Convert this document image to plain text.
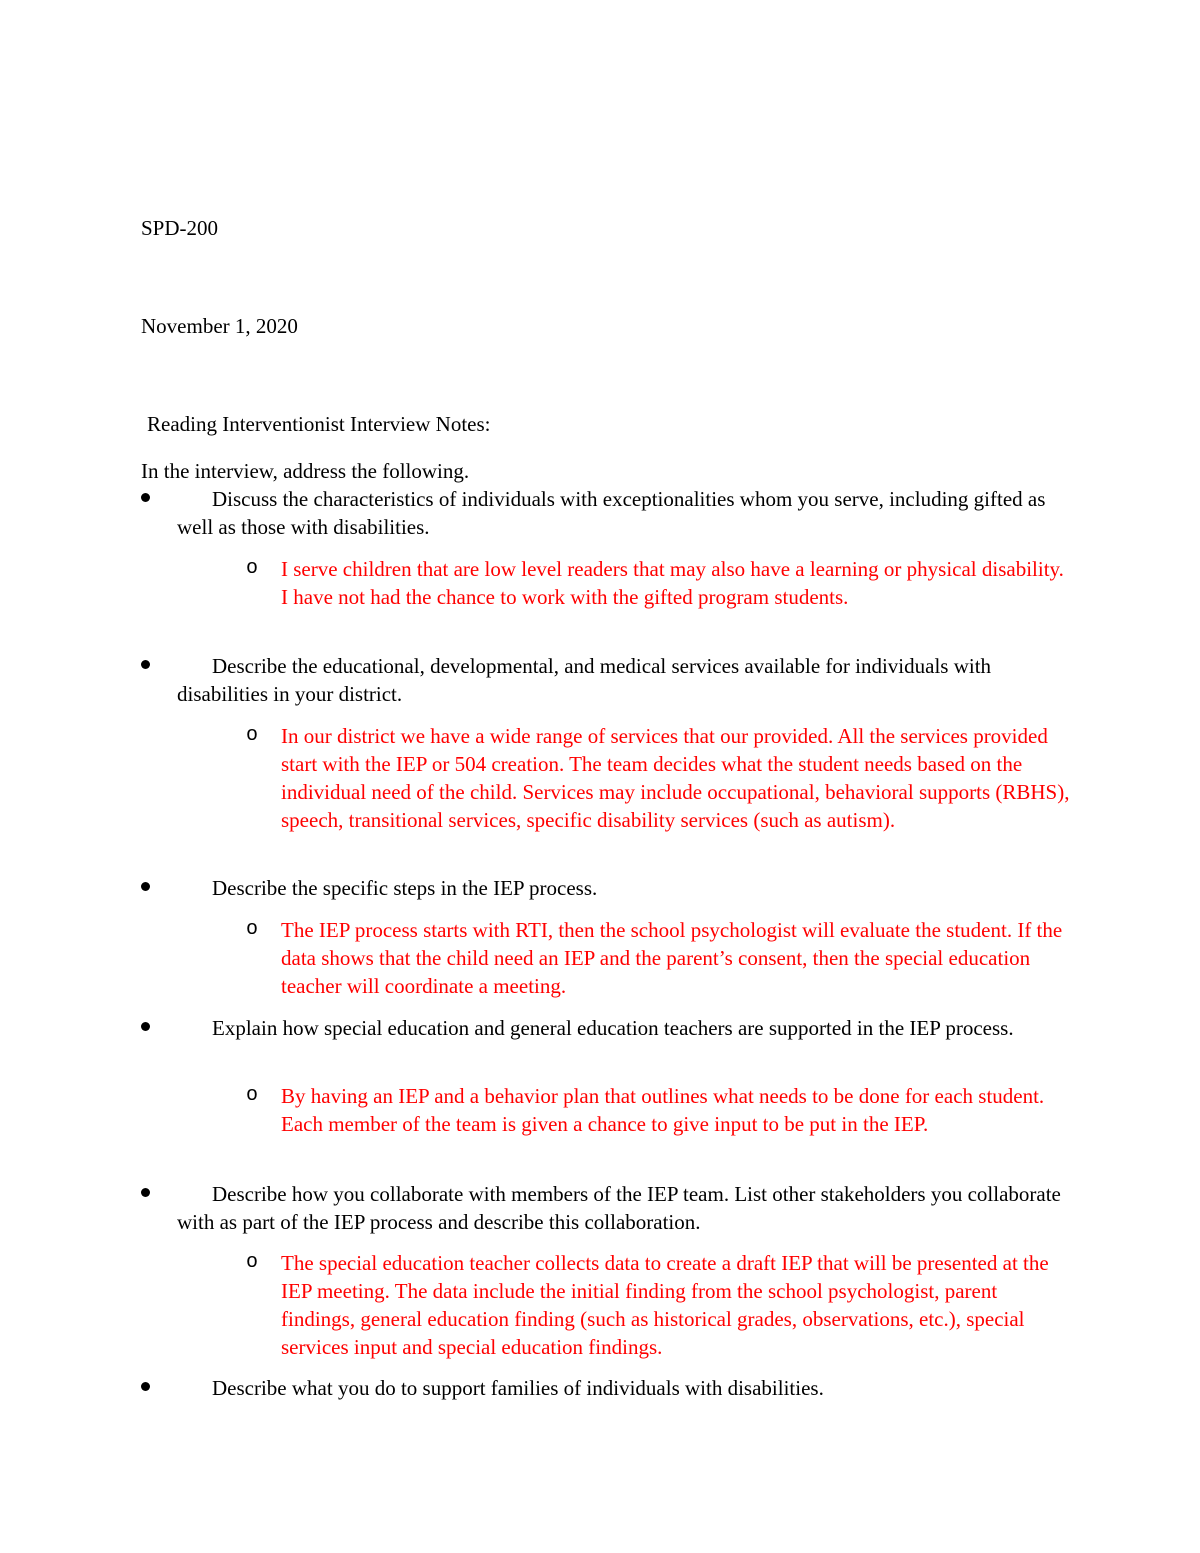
SPD-200
November 1, 2020
Reading Interventionist Interview Notes:
In the interview, address the following.
Discuss the characteristics of individuals with exceptionalities whom you serve, including gifted as well as those with disabilities.
o I serve children that are low level readers that may also have a learning or physical disability. I have not had the chance to work with the gifted program students.
Describe the educational, developmental, and medical services available for individuals with disabilities in your district.
o In our district we have a wide range of services that our provided. All the services provided start with the IEP or 504 creation. The team decides what the student needs based on the individual need of the child. Services may include occupational, behavioral supports (RBHS), speech, transitional services, specific disability services (such as autism).
Describe the specific steps in the IEP process.
o The IEP process starts with RTI, then the school psychologist will evaluate the student. If the data shows that the child need an IEP and the parent’s consent, then the special education teacher will coordinate a meeting.
Explain how special education and general education teachers are supported in the IEP process.
o By having an IEP and a behavior plan that outlines what needs to be done for each student. Each member of the team is given a chance to give input to be put in the IEP.
Describe how you collaborate with members of the IEP team. List other stakeholders you collaborate with as part of the IEP process and describe this collaboration.
o The special education teacher collects data to create a draft IEP that will be presented at the IEP meeting. The data include the initial finding from the school psychologist, parent findings, general education finding (such as historical grades, observations, etc.), special services input and special education findings.
Describe what you do to support families of individuals with disabilities.
